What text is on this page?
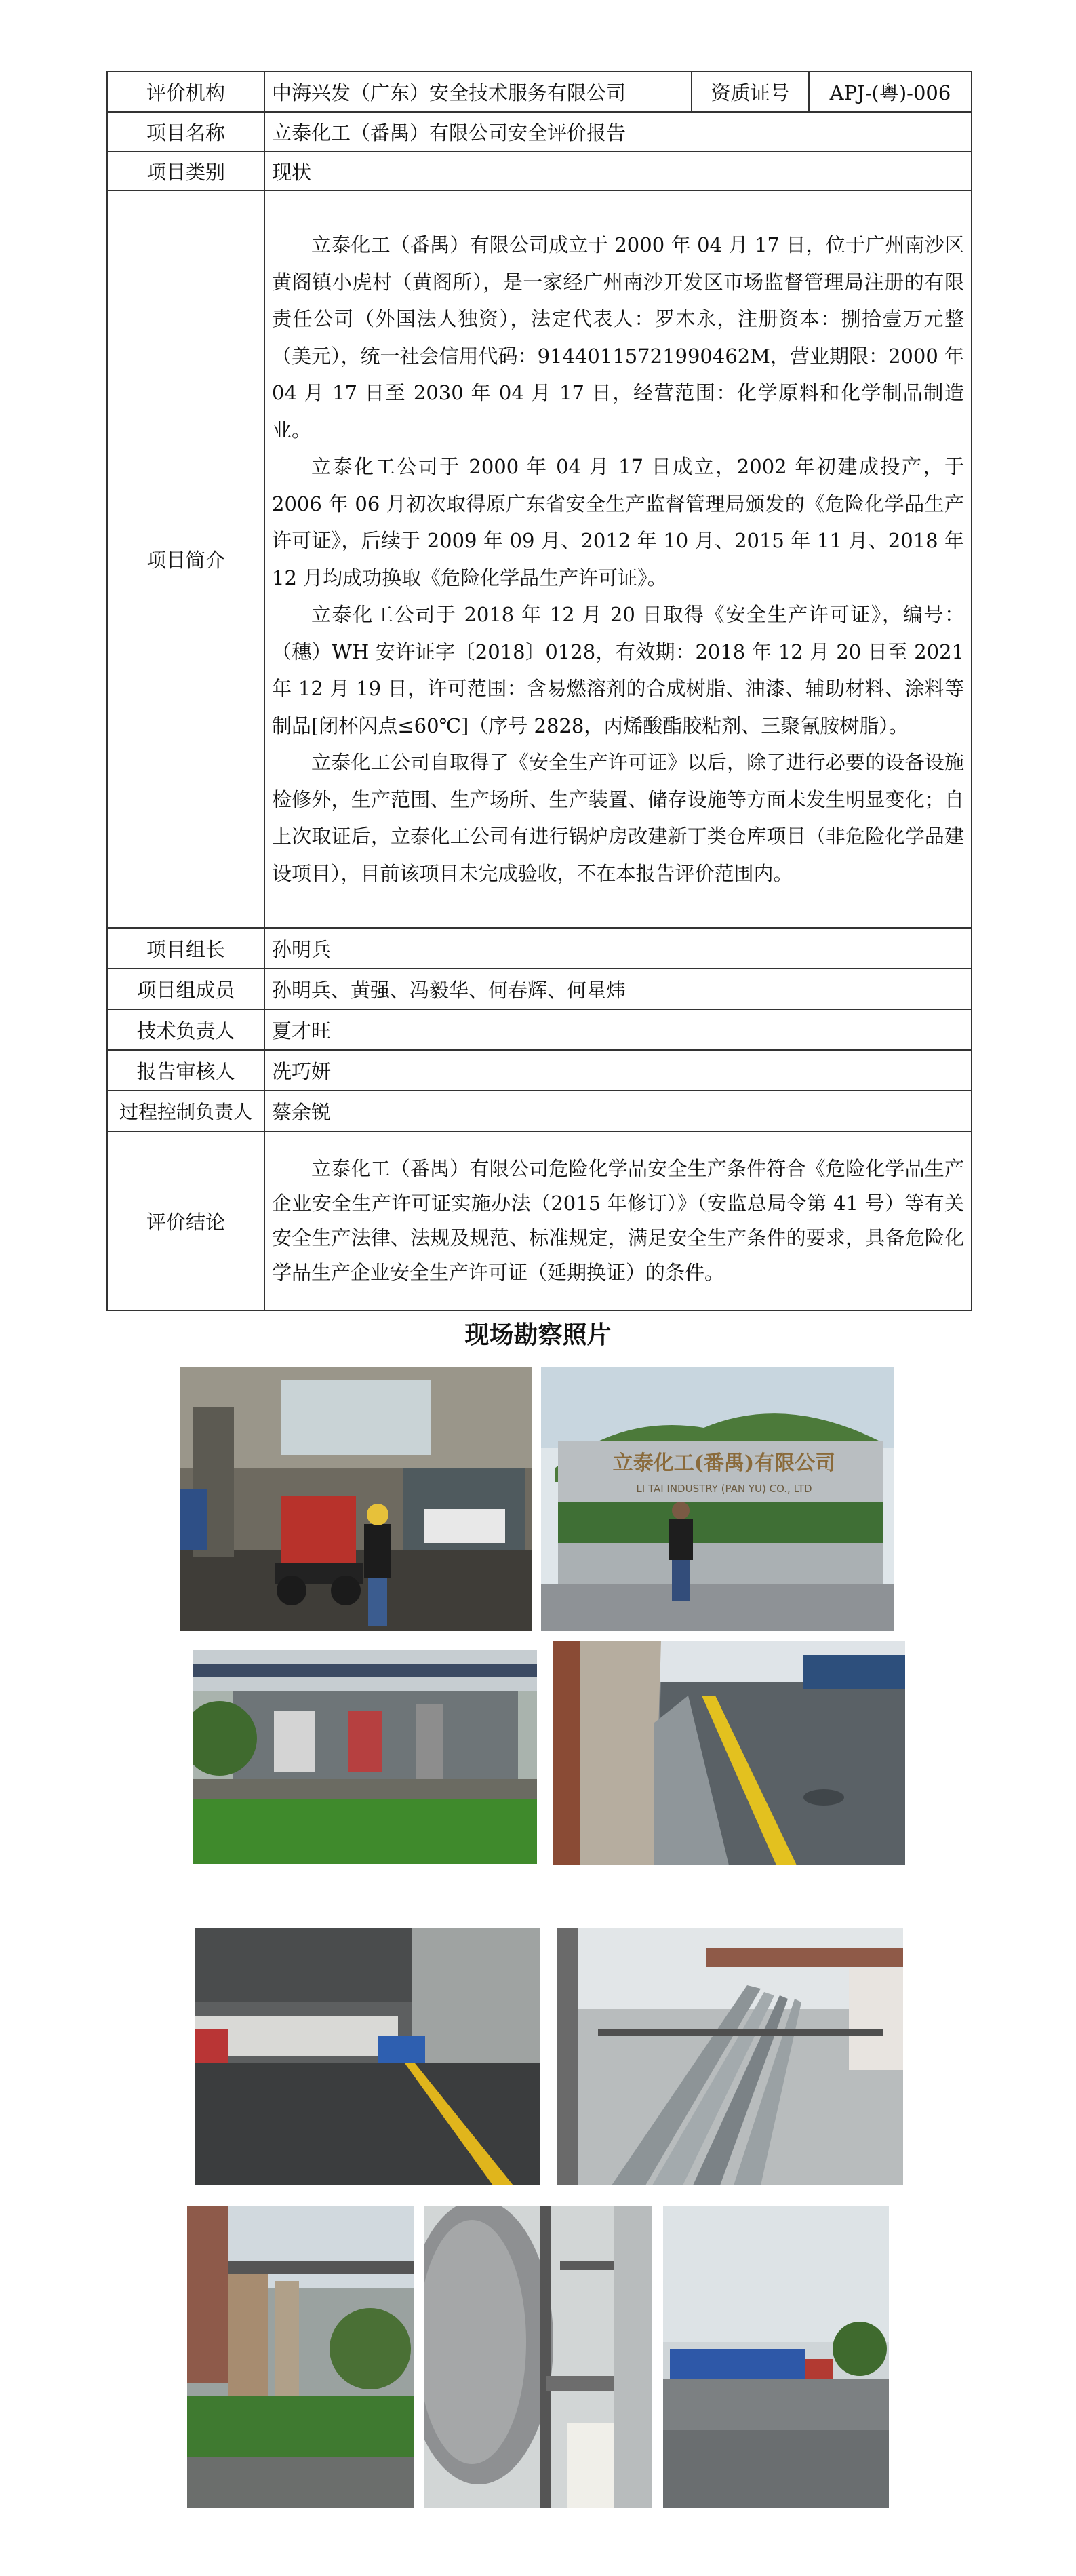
评价机构	中海兴发（广东）安全技术服务有限公司	资质证号	APJ-(粤)-006
项目名称	立泰化工（番禺）有限公司安全评价报告		
项目类别	现状		
项目简介	立泰化工（番禺）有限公司成立于 2000 年 04 月 17 日，位于广州南沙区黄阁镇小虎村（黄阁所），是一家经广州南沙开发区市场监督管理局注册的有限责任公司（外国法人独资），法定代表人：罗木永，注册资本：捌拾壹万元整（美元），统一社会信用代码：91440115721990462M，营业期限：2000 年 04 月 17 日至 2030 年 04 月 17 日，经营范围：化学原料和化学制品制造业。

立泰化工公司于 2000 年 04 月 17 日成立，2002 年初建成投产，于 2006 年 06 月初次取得原广东省安全生产监督管理局颁发的《危险化学品生产许可证》，后续于 2009 年 09 月、2012 年 10 月、2015 年 11 月、2018 年 12 月均成功换取《危险化学品生产许可证》。

立泰化工公司于 2018 年 12 月 20 日取得《安全生产许可证》，编号：（穗）WH 安许证字〔2018〕0128，有效期：2018 年 12 月 20 日至 2021 年 12 月 19 日，许可范围：含易燃溶剂的合成树脂、油漆、辅助材料、涂料等制品[闭杯闪点≤60℃]（序号 2828，丙烯酸酯胶粘剂、三聚氰胺树脂）。

立泰化工公司自取得了《安全生产许可证》以后，除了进行必要的设备设施检修外，生产范围、生产场所、生产装置、储存设施等方面未发生明显变化；自上次取证后，立泰化工公司有进行锅炉房改建新丁类仓库项目（非危险化学品建设项目），目前该项目未完成验收，不在本报告评价范围内。		

项目组长	孙明兵		
项目组成员	孙明兵、黄强、冯毅华、何春辉、何星炜		
技术负责人	夏才旺		
报告审核人	冼巧妍		
过程控制负责人	蔡余锐		
评价结论	立泰化工（番禺）有限公司危险化学品安全生产条件符合《危险化学品生产企业安全生产许可证实施办法（2015 年修订）》（安监总局令第 41 号）等有关安全生产法律、法规及规范、标准规定，满足安全生产条件的要求，具备危险化学品生产企业安全生产许可证（延期换证）的条件。		

现场勘察照片
立泰化工(番禺)有限公司
LI TAI INDUSTRY (PAN YU) CO., LTD
